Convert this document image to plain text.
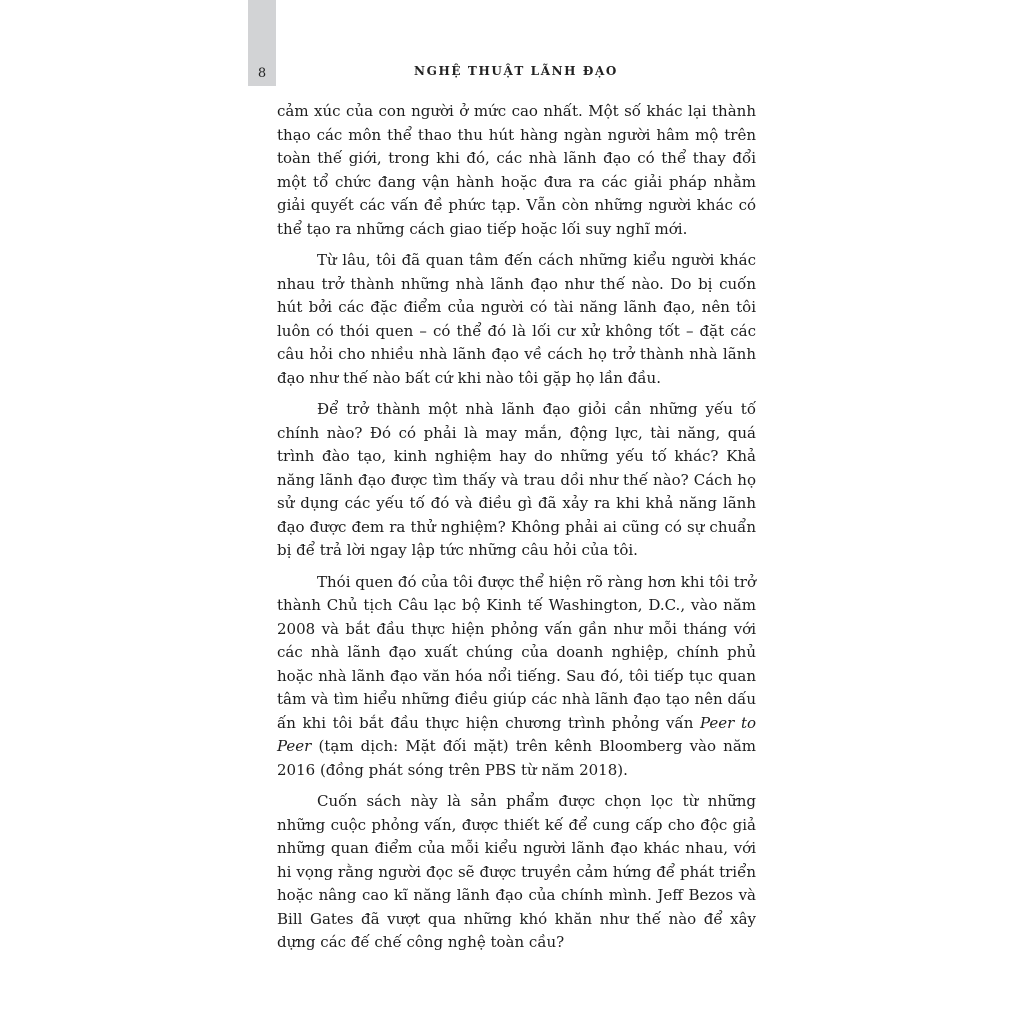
8	NGHỆ THUẬT LÃNH ĐẠO

cảm xúc của con người ở mức cao nhất. Một số khác lại thành thạo các môn thể thao thu hút hàng ngàn người hâm mộ trên toàn thế giới, trong khi đó, các nhà lãnh đạo có thể thay đổi một tổ chức đang vận hành hoặc đưa ra các giải pháp nhằm giải quyết các vấn đề phức tạp. Vẫn còn những người khác có thể tạo ra những cách giao tiếp hoặc lối suy nghĩ mới.

Từ lâu, tôi đã quan tâm đến cách những kiểu người khác nhau trở thành những nhà lãnh đạo như thế nào. Do bị cuốn hút bởi các đặc điểm của người có tài năng lãnh đạo, nên tôi luôn có thói quen – có thể đó là lối cư xử không tốt – đặt các câu hỏi cho nhiều nhà lãnh đạo về cách họ trở thành nhà lãnh đạo như thế nào bất cứ khi nào tôi gặp họ lần đầu.

Để trở thành một nhà lãnh đạo giỏi cần những yếu tố chính nào? Đó có phải là may mắn, động lực, tài năng, quá trình đào tạo, kinh nghiệm hay do những yếu tố khác? Khả năng lãnh đạo được tìm thấy và trau dồi như thế nào? Cách họ sử dụng các yếu tố đó và điều gì đã xảy ra khi khả năng lãnh đạo được đem ra thử nghiệm? Không phải ai cũng có sự chuẩn bị để trả lời ngay lập tức những câu hỏi của tôi.

Thói quen đó của tôi được thể hiện rõ ràng hơn khi tôi trở thành Chủ tịch Câu lạc bộ Kinh tế Washington, D.C., vào năm 2008 và bắt đầu thực hiện phỏng vấn gần như mỗi tháng với các nhà lãnh đạo xuất chúng của doanh nghiệp, chính phủ hoặc nhà lãnh đạo văn hóa nổi tiếng. Sau đó, tôi tiếp tục quan tâm và tìm hiểu những điều giúp các nhà lãnh đạo tạo nên dấu ấn khi tôi bắt đầu thực hiện chương trình phỏng vấn Peer to Peer (tạm dịch: Mặt đối mặt) trên kênh Bloomberg vào năm 2016 (đồng phát sóng trên PBS từ năm 2018).

Cuốn sách này là sản phẩm được chọn lọc từ những những cuộc phỏng vấn, được thiết kế để cung cấp cho độc giả những quan điểm của mỗi kiểu người lãnh đạo khác nhau, với hi vọng rằng người đọc sẽ được truyền cảm hứng để phát triển hoặc nâng cao kĩ năng lãnh đạo của chính mình. Jeff Bezos và Bill Gates đã vượt qua những khó khăn như thế nào để xây dựng các đế chế công nghệ toàn cầu?
